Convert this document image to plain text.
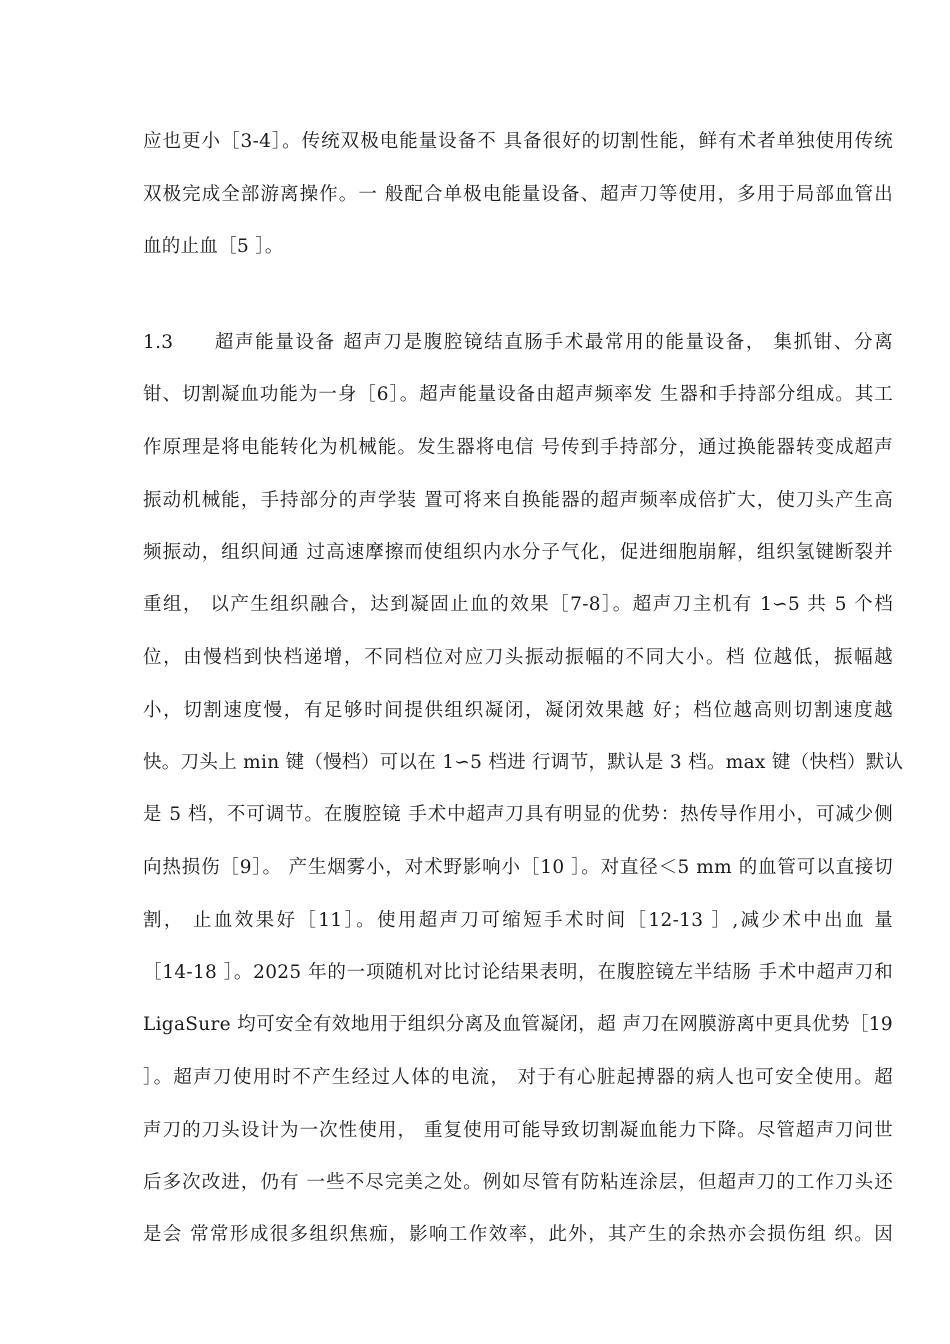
应也更小［3-4］。传统双极电能量设备不 具备很好的切割性能，鲜有术者单独使用传统
双极完成全部游离操作。一 般配合单极电能量设备、超声刀等使用，多用于局部血管出
血的止血［5 ］。
1.3　　超声能量设备 超声刀是腹腔镜结直肠手术最常用的能量设备， 集抓钳、分离
钳、切割凝血功能为一身［6］。超声能量设备由超声频率发 生器和手持部分组成。其工
作原理是将电能转化为机械能。发生器将电信 号传到手持部分，通过换能器转变成超声
振动机械能，手持部分的声学装 置可将来自换能器的超声频率成倍扩大，使刀头产生高
频振动，组织间通 过高速摩擦而使组织内水分子气化，促进细胞崩解，组织氢键断裂并
重组， 以产生组织融合，达到凝固止血的效果［7-8］。超声刀主机有 1∽5 共 5 个档
位，由慢档到快档递增，不同档位对应刀头振动振幅的不同大小。档 位越低，振幅越
小，切割速度慢，有足够时间提供组织凝闭，凝闭效果越 好；档位越高则切割速度越
快。刀头上 min 键（慢档）可以在 1∽5 档进 行调节，默认是 3 档。max 键（快档）默认
是 5 档，不可调节。在腹腔镜 手术中超声刀具有明显的优势：热传导作用小，可减少侧
向热损伤［9］。 产生烟雾小，对术野影响小［10 ］。对直径＜5 mm 的血管可以直接切
割， 止血效果好［11］。使用超声刀可缩短手术时间［12-13 ］,减少术中出血 量
［14-18 ］。2025 年的一项随机对比讨论结果表明，在腹腔镜左半结肠 手术中超声刀和
LigaSure 均可安全有效地用于组织分离及血管凝闭，超 声刀在网膜游离中更具优势［19
］。超声刀使用时不产生经过人体的电流， 对于有心脏起搏器的病人也可安全使用。超
声刀的刀头设计为一次性使用， 重复使用可能导致切割凝血能力下降。尽管超声刀问世
后多次改进，仍有 一些不尽完美之处。例如尽管有防粘连涂层，但超声刀的工作刀头还
是会 常常形成很多组织焦痂，影响工作效率，此外，其产生的余热亦会损伤组 织。因
